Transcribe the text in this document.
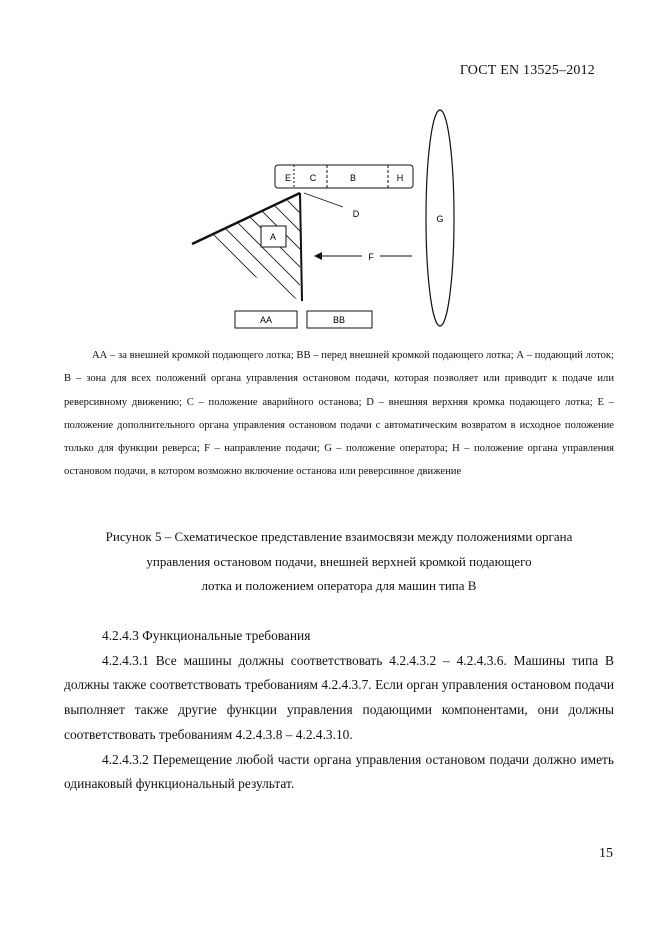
ГОСТ EN 13525–2012
E C	B	H
A
D
F
G
AA	BB

АА – за внешней кромкой подающего лотка; ВВ – перед внешней кромкой подающего лотка; А – подающий лоток; В – зона для всех положений органа управления остановом подачи, которая позволяет или приводит к подаче или реверсивному движению; С – положение аварийного останова; D – внешняя верхняя кромка подающего лотка; Е – положение дополнительного органа управления остановом подачи с автоматическим возвратом в исходное положение только для функции реверса; F – направление подачи; G – положение оператора; Н – положение органа управления остановом подачи, в котором возможно включение останова или реверсивное движение

Рисунок 5 – Схематическое представление взаимосвязи между положениями органа
управления остановом подачи, внешней верхней кромкой подающего
лотка и положением оператора для машин типа В

4.2.4.3 Функциональные требования

4.2.4.3.1 Все машины должны соответствовать 4.2.4.3.2 – 4.2.4.3.6. Машины типа В должны также соответствовать требованиям 4.2.4.3.7. Если орган управления остановом подачи выполняет также другие функции управления подающими компонентами, они должны соответствовать требованиям 4.2.4.3.8 – 4.2.4.3.10.

4.2.4.3.2 Перемещение любой части органа управления остановом подачи должно иметь одинаковый функциональный результат.

15
